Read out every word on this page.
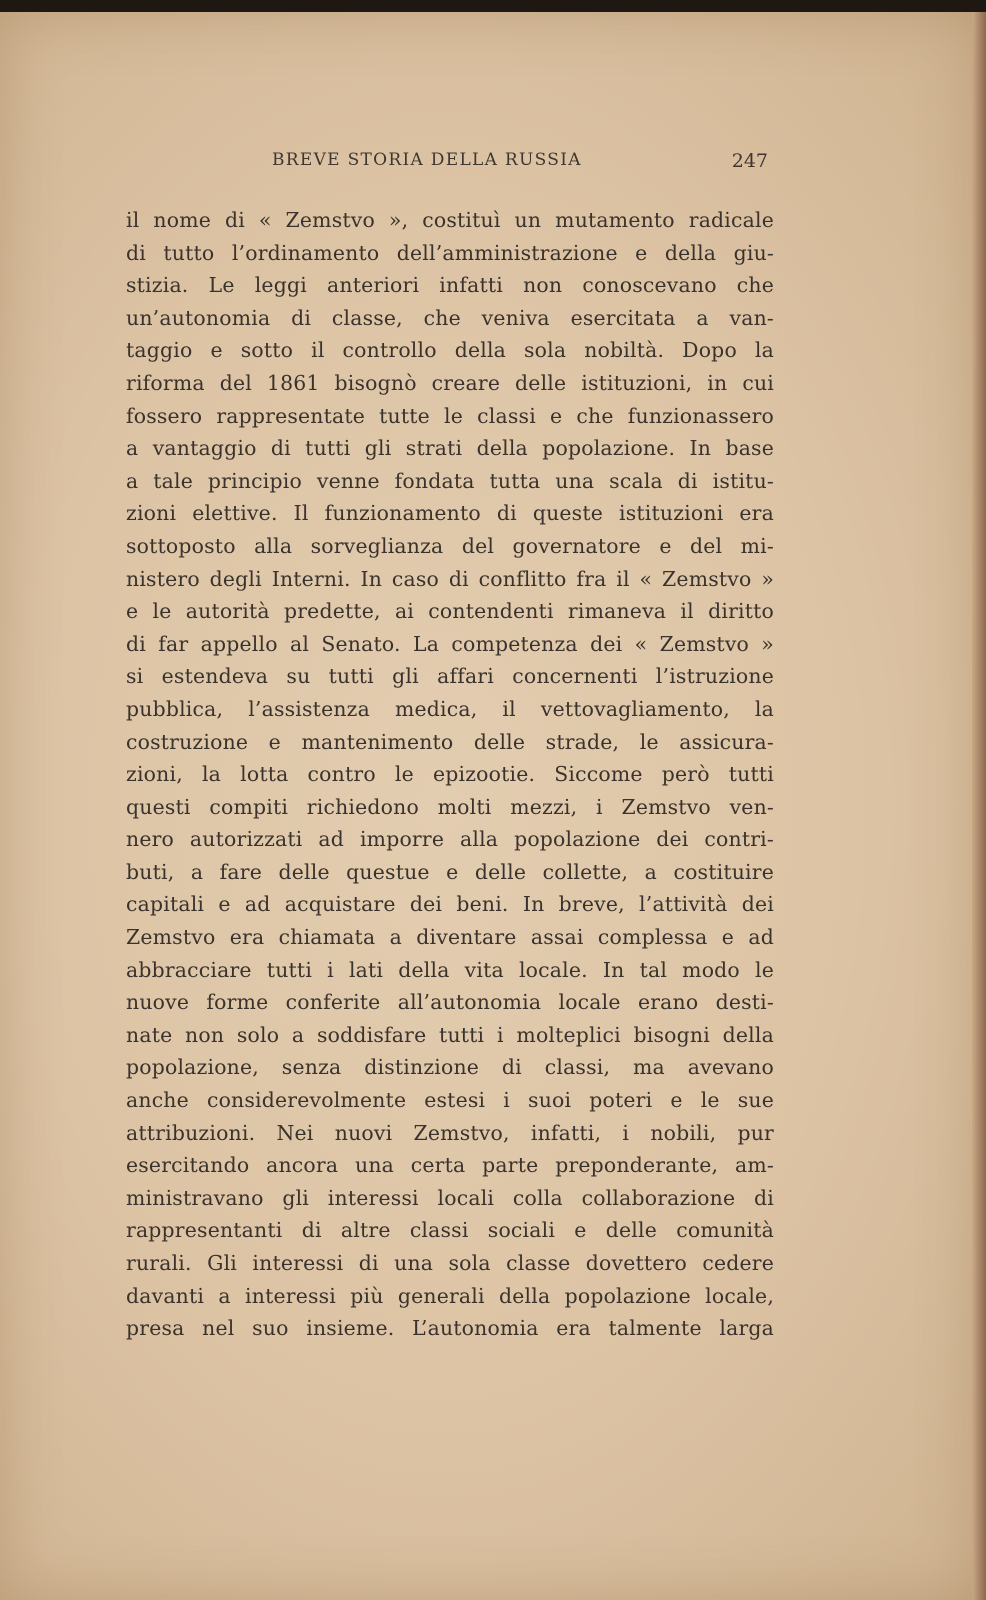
BREVE STORIA DELLA RUSSIA	247
il nome di « Zemstvo », costituì un mutamento radicale
di tutto l’ordinamento dell’amministrazione e della giu-
stizia. Le leggi anteriori infatti non conoscevano che
un’autonomia di classe, che veniva esercitata a van-
taggio e sotto il controllo della sola nobiltà. Dopo la
riforma del 1861 bisognò creare delle istituzioni, in cui
fossero rappresentate tutte le classi e che funzionassero
a vantaggio di tutti gli strati della popolazione. In base
a tale principio venne fondata tutta una scala di istitu-
zioni elettive. Il funzionamento di queste istituzioni era
sottoposto alla sorveglianza del governatore e del mi-
nistero degli Interni. In caso di conflitto fra il « Zemstvo »
e le autorità predette, ai contendenti rimaneva il diritto
di far appello al Senato. La competenza dei « Zemstvo »
si estendeva su tutti gli affari concernenti l’istruzione
pubblica, l’assistenza medica, il vettovagliamento, la
costruzione e mantenimento delle strade, le assicura-
zioni, la lotta contro le epizootie. Siccome però tutti
questi compiti richiedono molti mezzi, i Zemstvo ven-
nero autorizzati ad imporre alla popolazione dei contri-
buti, a fare delle questue e delle collette, a costituire
capitali e ad acquistare dei beni. In breve, l’attività dei
Zemstvo era chiamata a diventare assai complessa e ad
abbracciare tutti i lati della vita locale. In tal modo le
nuove forme conferite all’autonomia locale erano desti-
nate non solo a soddisfare tutti i molteplici bisogni della
popolazione, senza distinzione di classi, ma avevano
anche considerevolmente estesi i suoi poteri e le sue
attribuzioni. Nei nuovi Zemstvo, infatti, i nobili, pur
esercitando ancora una certa parte preponderante, am-
ministravano gli interessi locali colla collaborazione di
rappresentanti di altre classi sociali e delle comunità
rurali. Gli interessi di una sola classe dovettero cedere
davanti a interessi più generali della popolazione locale,
presa nel suo insieme. L’autonomia era talmente larga
